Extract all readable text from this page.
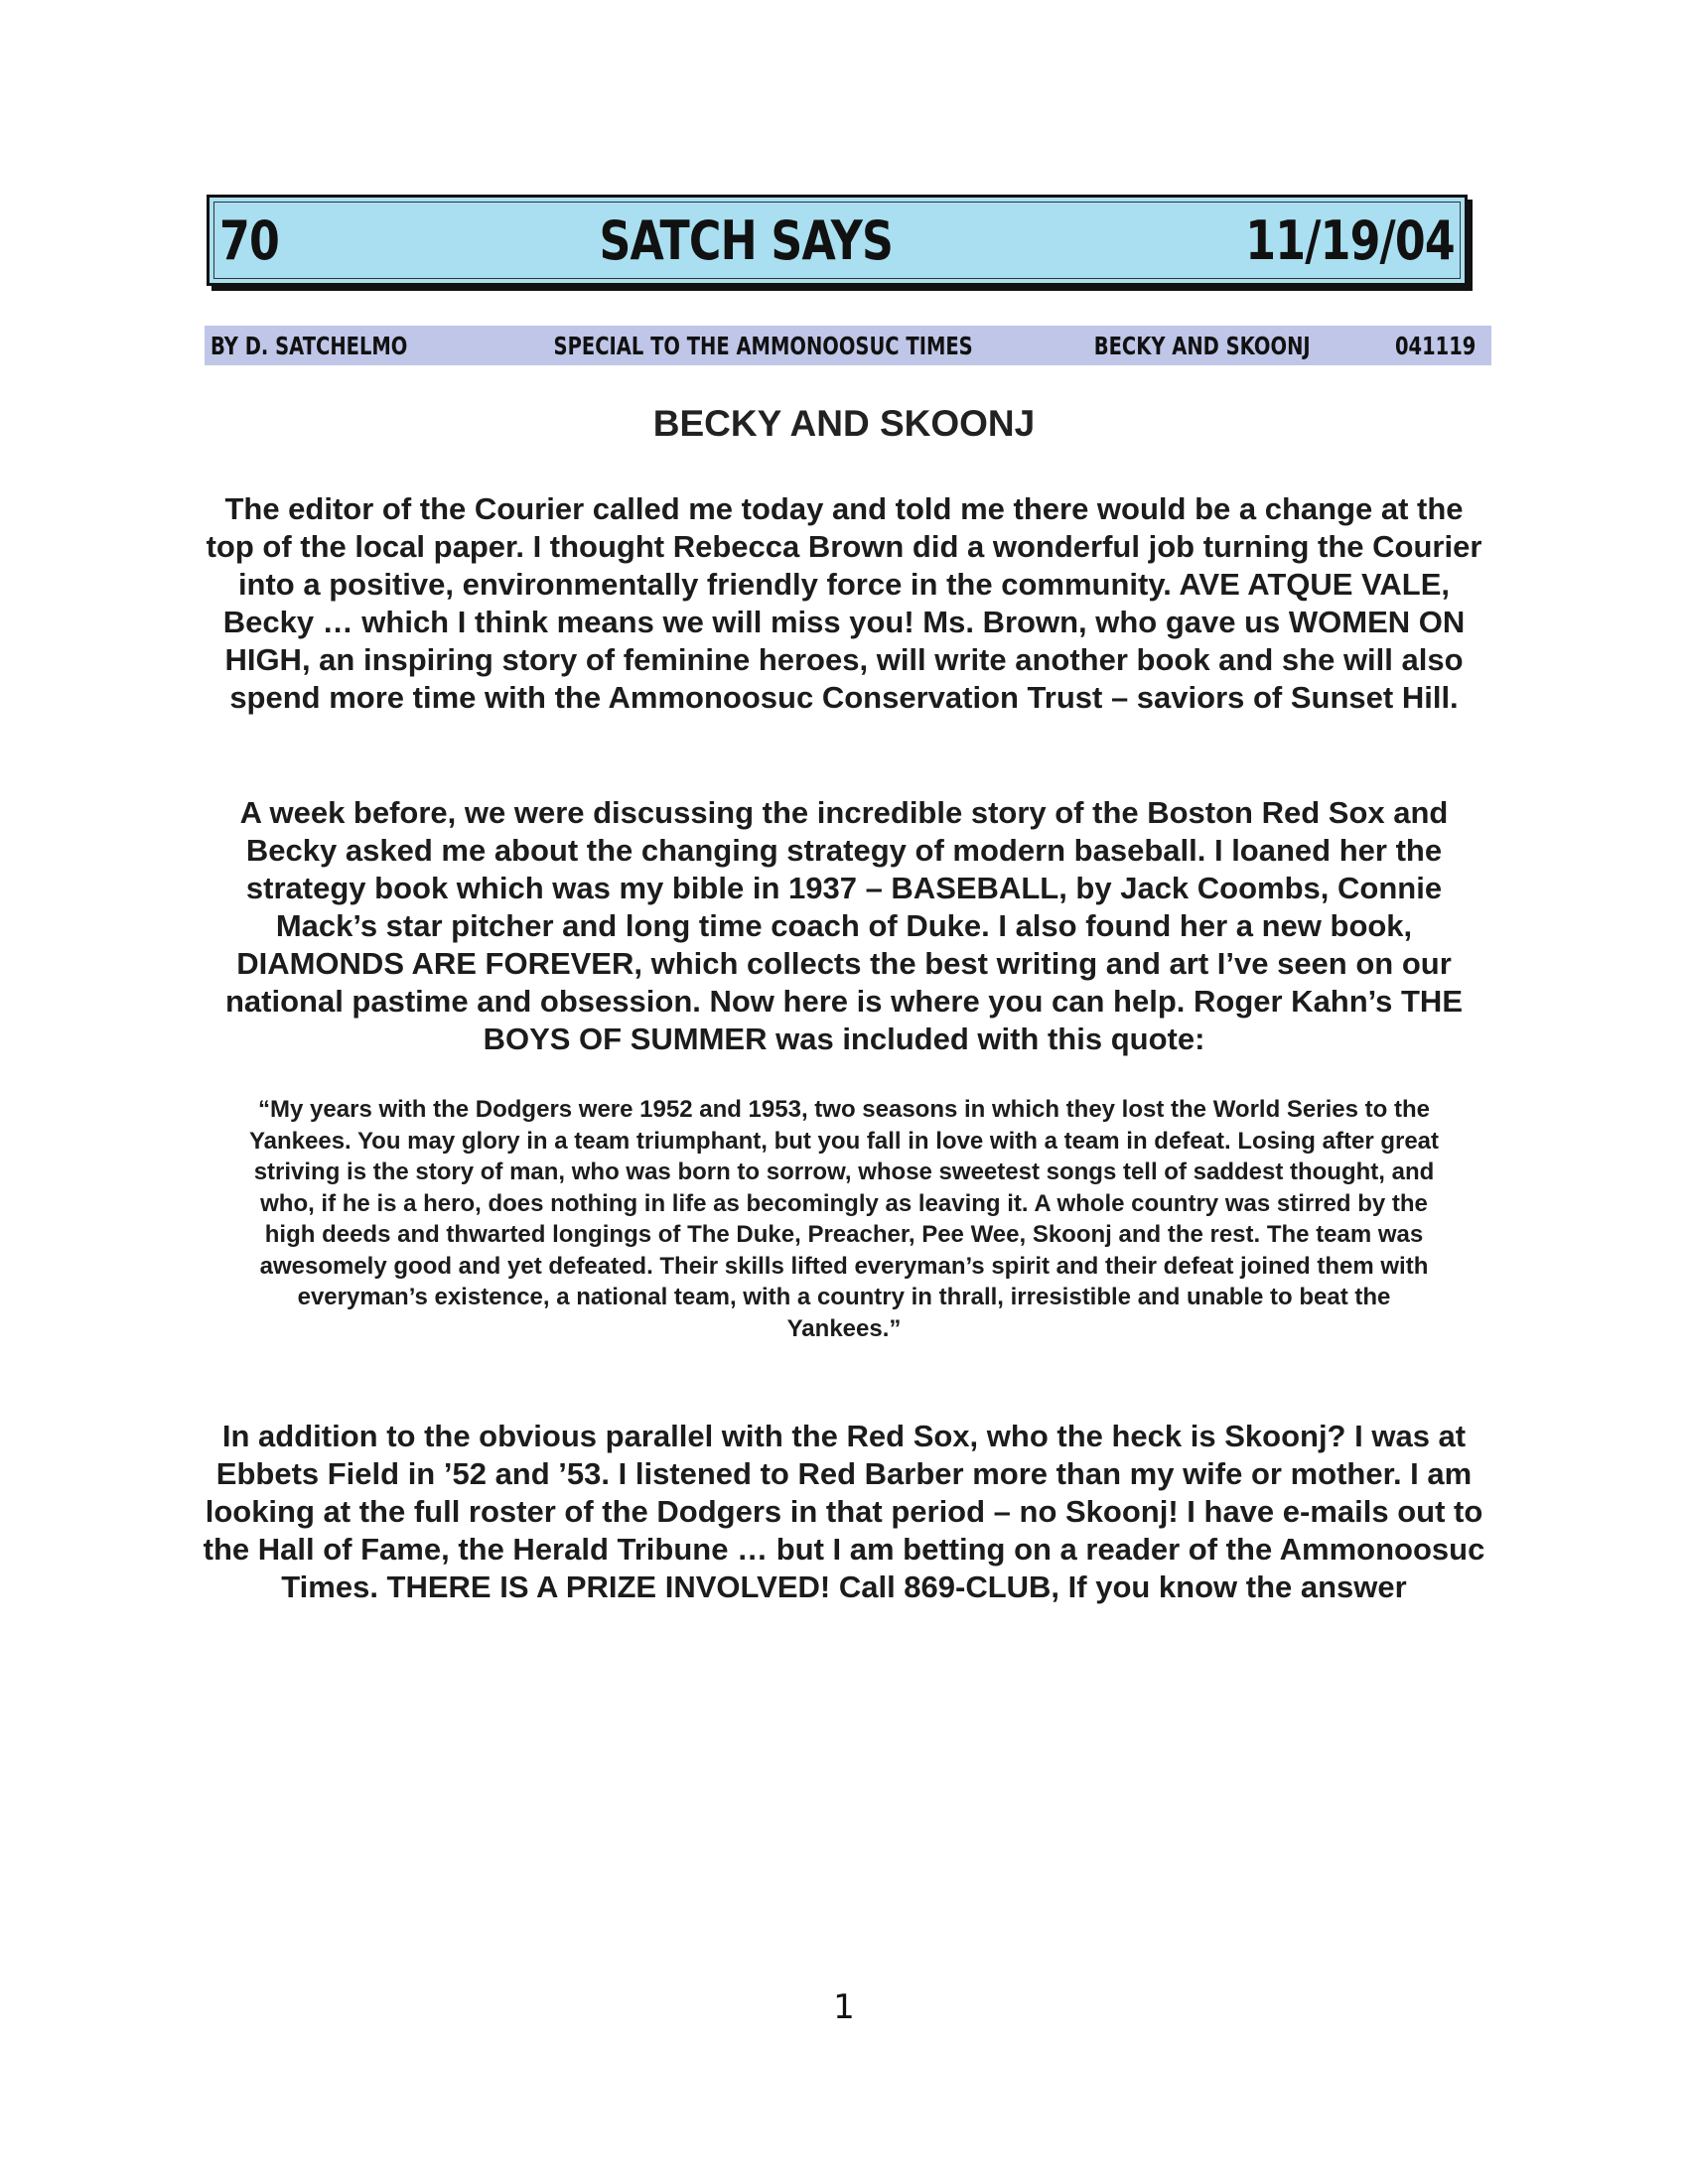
70	SATCH SAYS	11/19/04
BY D. SATCHELMO	SPECIAL TO THE AMMONOOSUC TIMES	BECKY AND SKOONJ	041119
BECKY AND SKOONJ
The editor of the Courier called me today and told me there would be a change at the top of the local paper. I thought Rebecca Brown did a wonderful job turning the Courier into a positive, environmentally friendly force in the community. AVE ATQUE VALE, Becky … which I think means we will miss you! Ms. Brown, who gave us WOMEN ON HIGH, an inspiring story of feminine heroes, will write another book and she will also spend more time with the Ammonoosuc Conservation Trust – saviors of Sunset Hill.
A week before, we were discussing the incredible story of the Boston Red Sox and Becky asked me about the changing strategy of modern baseball. I loaned her the strategy book which was my bible in 1937 – BASEBALL, by Jack Coombs, Connie Mack’s star pitcher and long time coach of Duke. I also found her a new book, DIAMONDS ARE FOREVER, which collects the best writing and art I’ve seen on our national pastime and obsession. Now here is where you can help. Roger Kahn’s THE BOYS OF SUMMER was included with this quote:
“My years with the Dodgers were 1952 and 1953, two seasons in which they lost the World Series to the Yankees. You may glory in a team triumphant, but you fall in love with a team in defeat. Losing after great striving is the story of man, who was born to sorrow, whose sweetest songs tell of saddest thought, and who, if he is a hero, does nothing in life as becomingly as leaving it. A whole country was stirred by the high deeds and thwarted longings of The Duke, Preacher, Pee Wee, Skoonj and the rest. The team was awesomely good and yet defeated. Their skills lifted everyman’s spirit and their defeat joined them with everyman’s existence, a national team, with a country in thrall, irresistible and unable to beat the Yankees.”
In addition to the obvious parallel with the Red Sox, who the heck is Skoonj? I was at Ebbets Field in ’52 and ’53. I listened to Red Barber more than my wife or mother. I am looking at the full roster of the Dodgers in that period – no Skoonj! I have e-mails out to the Hall of Fame, the Herald Tribune … but I am betting on a reader of the Ammonoosuc Times. THERE IS A PRIZE INVOLVED! Call 869-CLUB, If you know the answer
1
